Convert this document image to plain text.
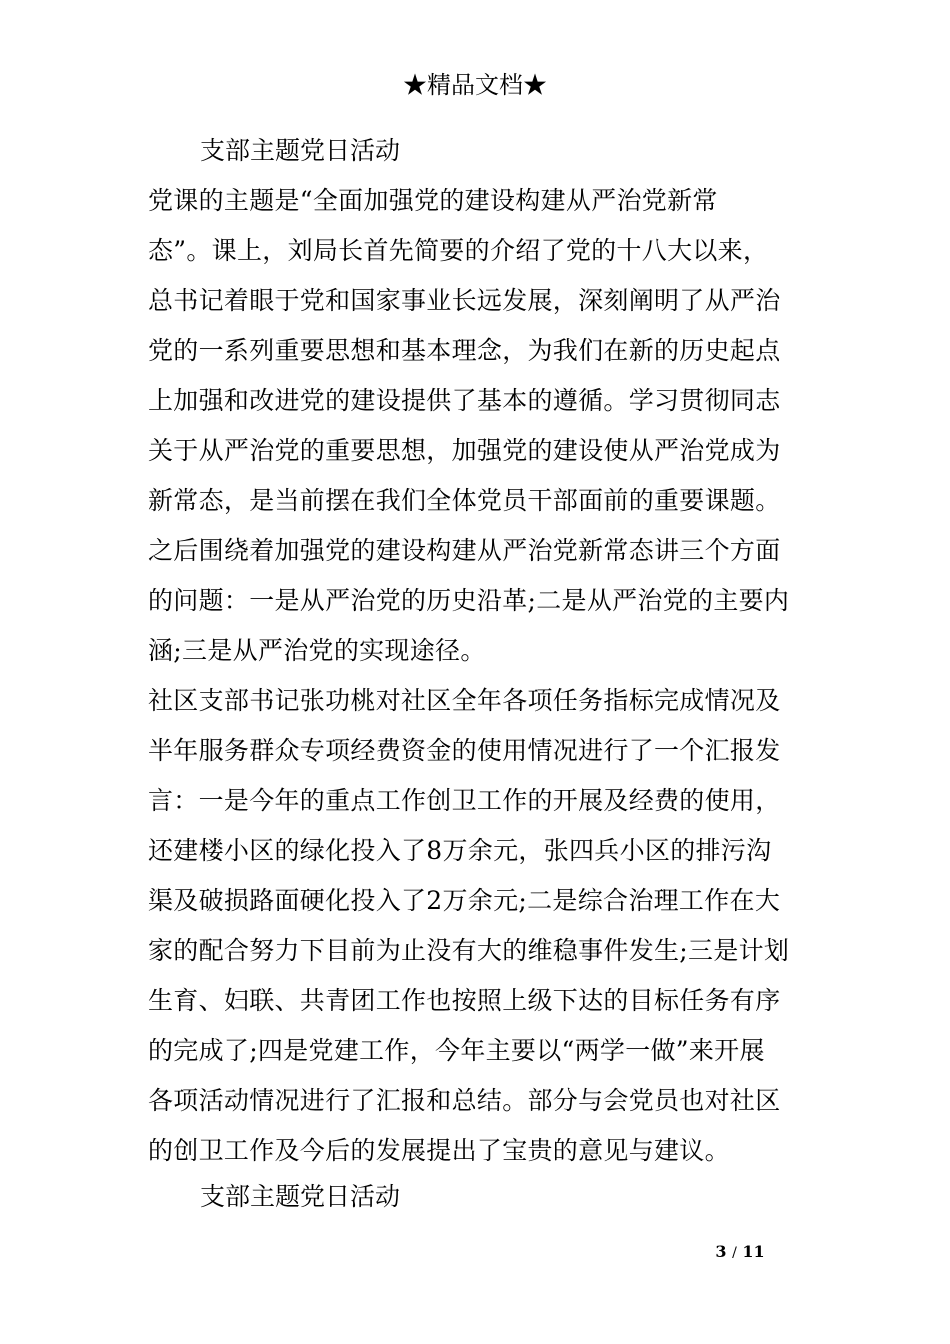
★精品文档★
支部主题党日活动
党课的主题是“全面加强党的建设构建从严治党新常
态”。课上，刘局长首先简要的介绍了党的十八大以来，
总书记着眼于党和国家事业长远发展，深刻阐明了从严治
党的一系列重要思想和基本理念，为我们在新的历史起点
上加强和改进党的建设提供了基本的遵循。学习贯彻同志
关于从严治党的重要思想，加强党的建设使从严治党成为
新常态，是当前摆在我们全体党员干部面前的重要课题。
之后围绕着加强党的建设构建从严治党新常态讲三个方面
的问题：一是从严治党的历史沿革;二是从严治党的主要内
涵;三是从严治党的实现途径。
社区支部书记张功桃对社区全年各项任务指标完成情况及
半年服务群众专项经费资金的使用情况进行了一个汇报发
言：一是今年的重点工作创卫工作的开展及经费的使用，
还建楼小区的绿化投入了8万余元，张四兵小区的排污沟
渠及破损路面硬化投入了2万余元;二是综合治理工作在大
家的配合努力下目前为止没有大的维稳事件发生;三是计划
生育、妇联、共青团工作也按照上级下达的目标任务有序
的完成了;四是党建工作，今年主要以“两学一做”来开展
各项活动情况进行了汇报和总结。部分与会党员也对社区
的创卫工作及今后的发展提出了宝贵的意见与建议。
支部主题党日活动
3 / 11
